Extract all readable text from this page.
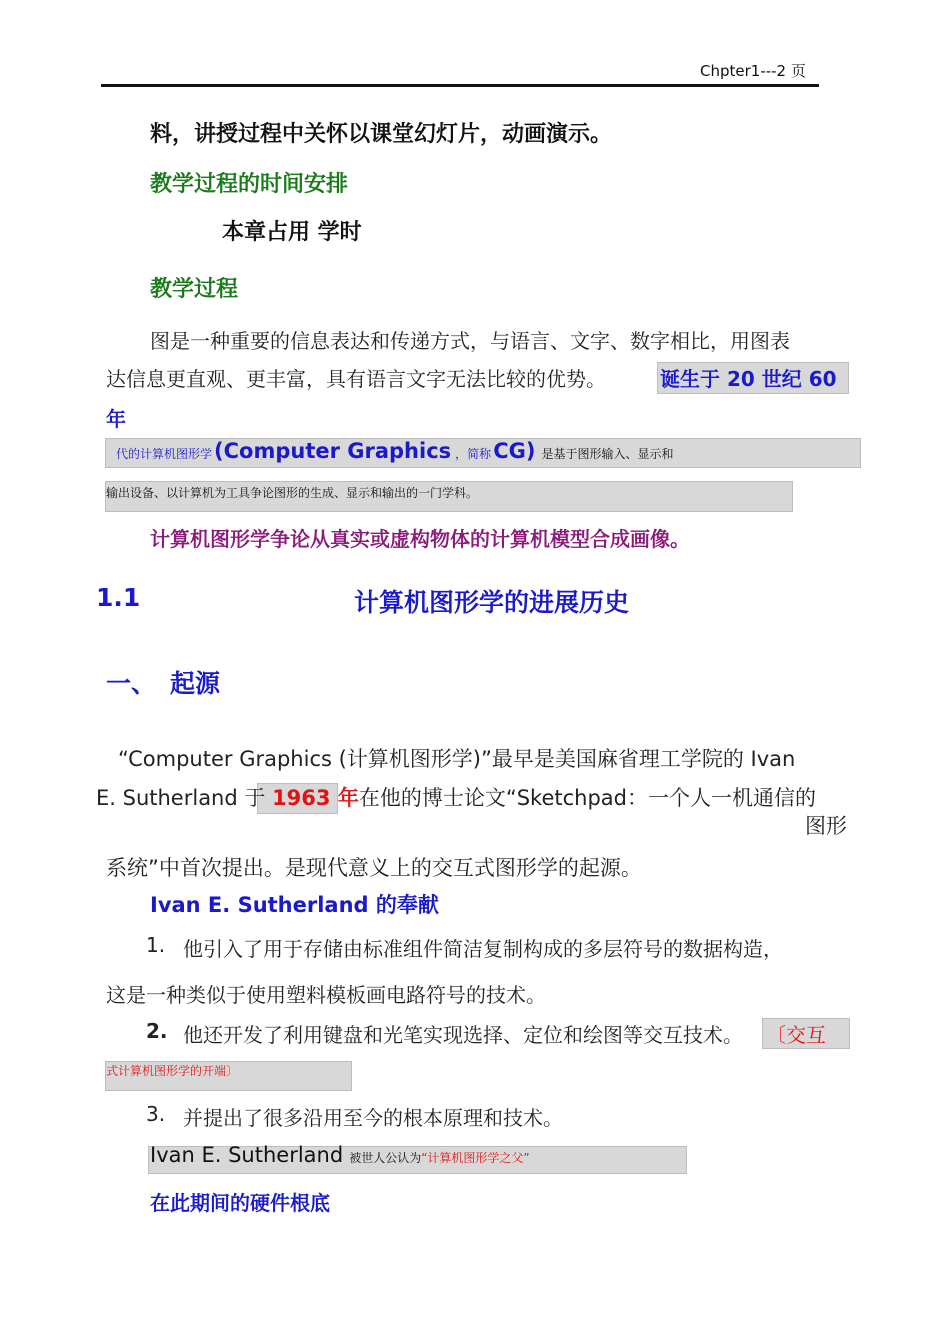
Chpter1---2 页
料，讲授过程中关怀以课堂幻灯片，动画演示。
教学过程的时间安排
本章占用 学时
教学过程
图是一种重要的信息表达和传递方式，与语言、文字、数字相比，用图表
达信息更直观、更丰富，具有语言文字无法比较的优势。	诞生于 20 世纪 60
年
代的计算机图形学 (Computer Graphics ，简称 CG) 是基于图形输入、显示和
输出设备、以计算机为工具争论图形的生成、显示和输出的一门学科。
计算机图形学争论从真实或虚构物体的计算机模型合成画像。
1.1	计算机图形学的进展历史
一、 起源
“Computer Graphics (计算机图形学)”最早是美国麻省理工学院的 Ivan
E. Sutherland 于 1963 年在他的博士论文“Sketchpad：一个人一机通信的
图形
系统”中首次提出。是现代意义上的交互式图形学的起源。
Ivan E. Sutherland 的奉献
1. 他引入了用于存储由标准组件简洁复制构成的多层符号的数据构造，
这是一种类似于使用塑料模板画电路符号的技术。
2. 他还开发了利用键盘和光笔实现选择、定位和绘图等交互技术。 〔交互
式计算机图形学的开端〕
3. 并提出了很多沿用至今的根本原理和技术。
Ivan E. Sutherland 被世人公认为 “计算机图形学之父”
在此期间的硬件根底
